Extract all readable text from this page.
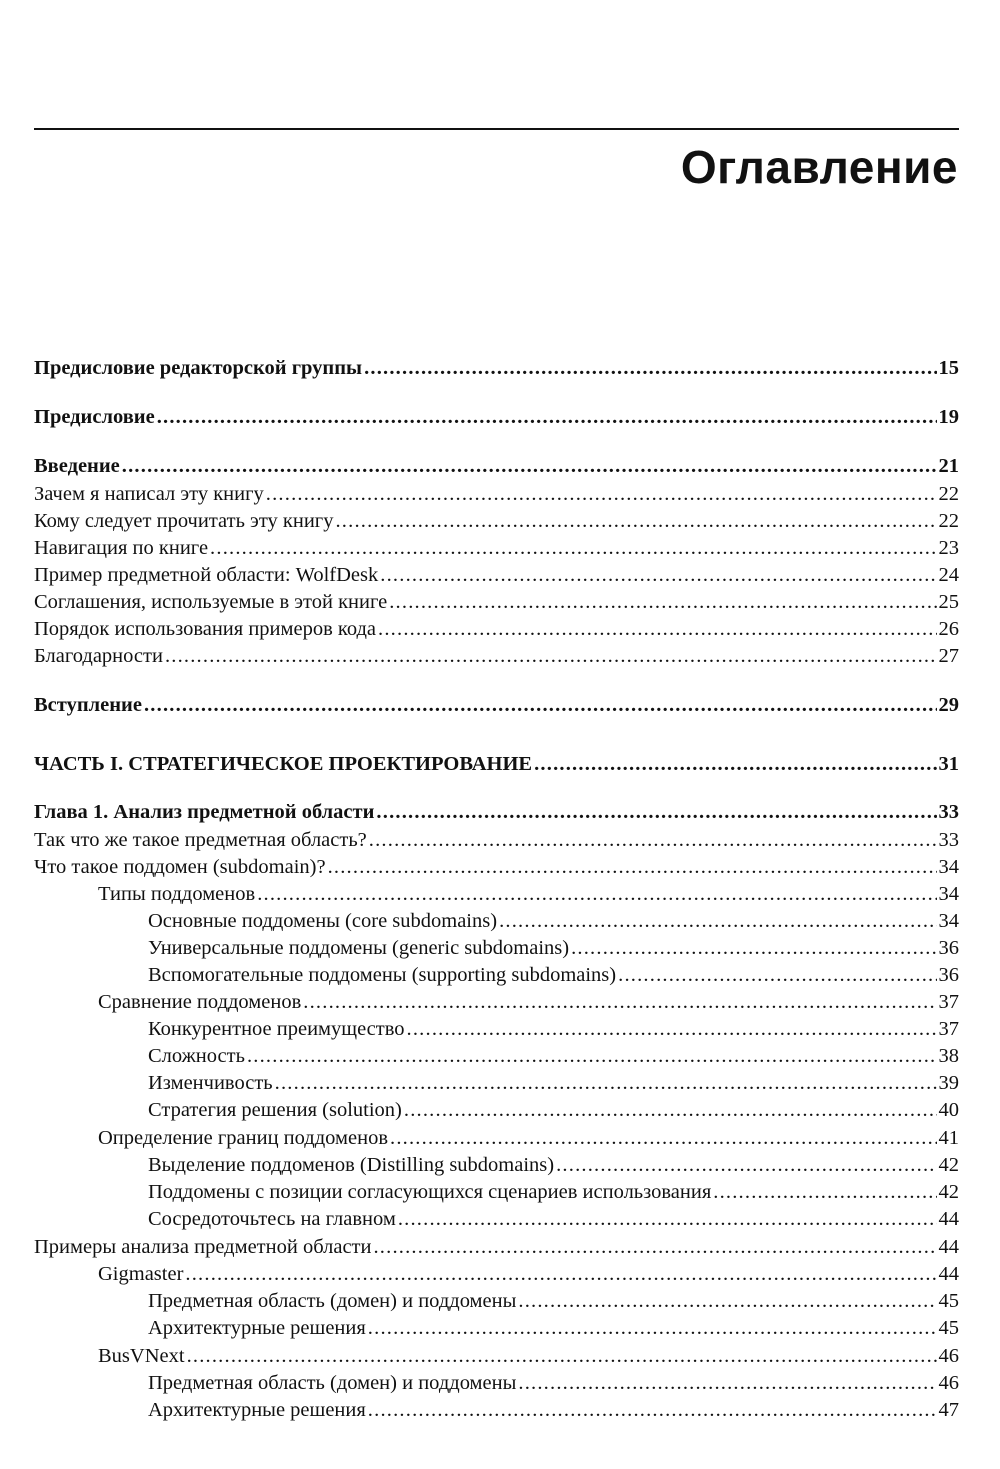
Оглавление
Предисловие редакторской группы .....	15
Предисловие .....	19
Введение .....	21
Зачем я написал эту книгу .....	22
Кому следует прочитать эту книгу .....	22
Навигация по книге .....	23
Пример предметной области: WolfDesk .....	24
Соглашения, используемые в этой книге .....	25
Порядок использования примеров кода .....	26
Благодарности .....	27
Вступление .....	29
ЧАСТЬ I. СТРАТЕГИЧЕСКОЕ ПРОЕКТИРОВАНИЕ .....	31
Глава 1. Анализ предметной области .....	33
Так что же такое предметная область? .....	33
Что такое поддомен (subdomain)? .....	34
Типы поддоменов .....	34
Основные поддомены (core subdomains) .....	34
Универсальные поддомены (generic subdomains) .....	36
Вспомогательные поддомены (supporting subdomains) .....	36
Сравнение поддоменов .....	37
Конкурентное преимущество .....	37
Сложность .....	38
Изменчивость .....	39
Стратегия решения (solution) .....	40
Определение границ поддоменов .....	41
Выделение поддоменов (Distilling subdomains) .....	42
Поддомены с позиции согласующихся сценариев использования .....	42
Сосредоточьтесь на главном .....	44
Примеры анализа предметной области .....	44
Gigmaster .....	44
Предметная область (домен) и поддомены .....	45
Архитектурные решения .....	45
BusVNext .....	46
Предметная область (домен) и поддомены .....	46
Архитектурные решения .....	47
